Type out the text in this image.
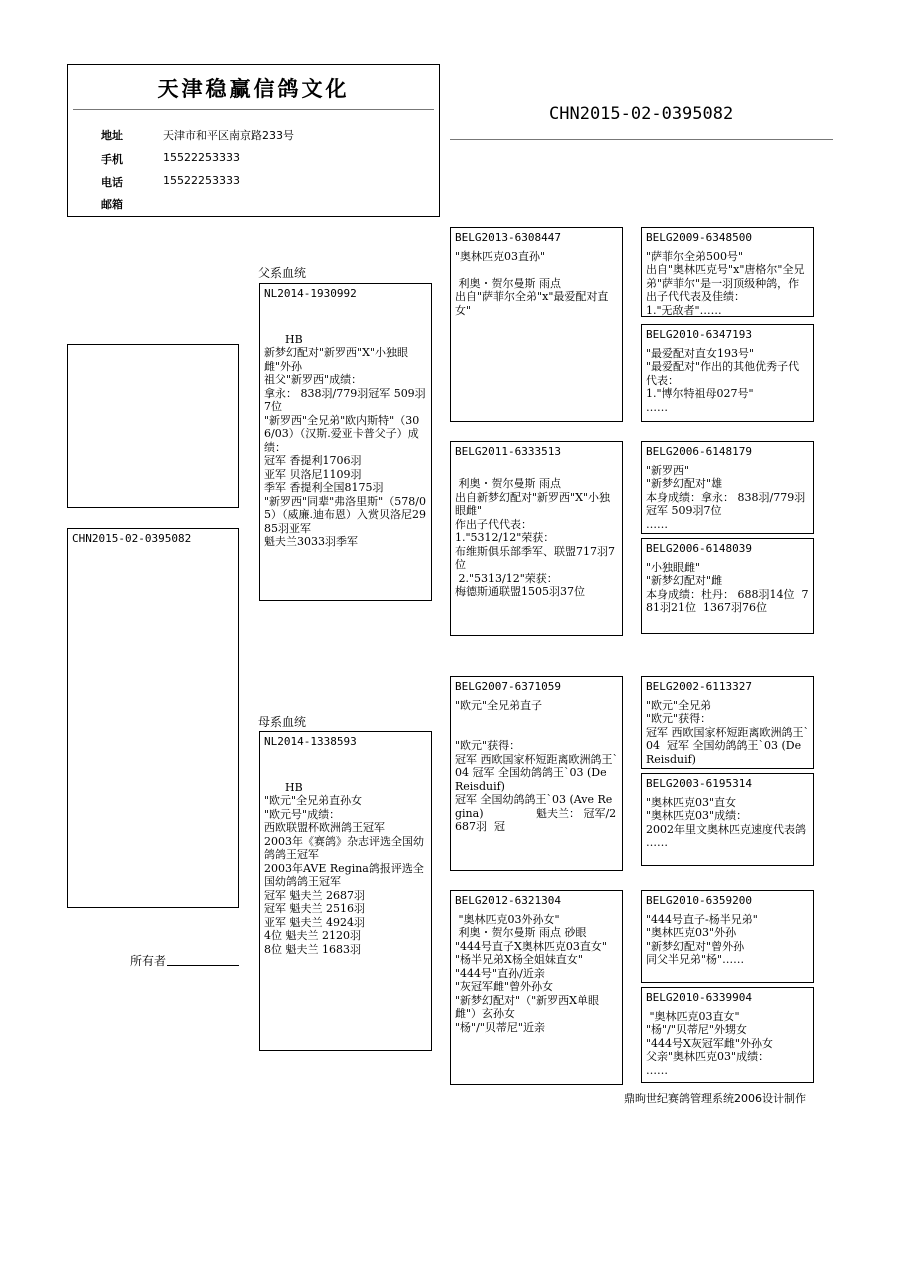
天津稳赢信鸽文化
地址	天津市和平区南京路233号
手机	15522253333
电话	15522253333
邮箱
CHN2015-02-0395082
CHN2015-02-0395082
父系血统
母系血统
NL2014-1930992

HB
新梦幻配对"新罗西"X"小独眼雌"外孙
祖父"新罗西"成绩：
拿永： 838羽/779羽冠军 509羽7位
"新罗西"全兄弟"欧内斯特"（306/03）（汉斯.爱亚卡普父子）成绩：
冠军 香提利1706羽
亚军 贝洛尼1109羽
季军 香提利全国8175羽
"新罗西"同辈"弗洛里斯"（578/05）（威廉.迪布恩）入赏贝洛尼2985羽亚军
魁夫兰3033羽季军
NL2014-1338593

HB
"欧元"全兄弟直孙女
"欧元号"成绩：
西欧联盟杯欧洲鸽王冠军
2003年《赛鸽》杂志评选全国幼鸽鸽王冠军
2003年AVE Regina鸽报评选全国幼鸽鸽王冠军
冠军 魁夫兰 2687羽
冠军 魁夫兰 2516羽
亚军 魁夫兰 4924羽
4位 魁夫兰 2120羽
8位 魁夫兰 1683羽
BELG2013-6308447
"奥林匹克03直孙"

利奥・贺尔曼斯 雨点
出自"萨菲尔全弟"x"最爱配对直女"
BELG2011-6333513

利奥・贺尔曼斯 雨点
出自新梦幻配对"新罗西"X"小独眼雌"
作出子代代表：
1."5312/12"荣获：
布维斯俱乐部季军、联盟717羽7位
2."5313/12"荣获：
梅德斯通联盟1505羽37位
BELG2007-6371059
"欧元"全兄弟直子

"欧元"获得：
冠军 西欧国家杯短距离欧洲鸽王`04 冠军 全国幼鸽鸽王`03 (De Reisduif)
冠军 全国幼鸽鸽王`03 (Ave Regina)               魁夫兰： 冠军/2687羽  冠
BELG2012-6321304
"奥林匹克03外孙女"
利奥・贺尔曼斯 雨点 砂眼
"444号直子X奥林匹克03直女"
"杨半兄弟X杨全姐妹直女"
"444号"直孙/近亲
"灰冠军雌"曾外孙女
"新梦幻配对"（"新罗西X单眼雌"）玄孙女
"杨"/"贝蒂尼"近亲
BELG2009-6348500
"萨菲尔全弟500号"
出自"奥林匹克号"x"唐格尔"全兄弟"萨菲尔"是一羽顶级种鸽，作出子代代表及佳绩：
1."无敌者"……
BELG2010-6347193
"最爱配对直女193号"
"最爱配对"作出的其他优秀子代代表：
1."博尔特祖母027号"
……
BELG2006-6148179
"新罗西"
"新梦幻配对"雄
本身成绩：拿永： 838羽/779羽冠军 509羽7位
……
BELG2006-6148039
"小独眼雌"
"新梦幻配对"雌
本身成绩：杜丹： 688羽14位  781羽21位  1367羽76位
BELG2002-6113327
"欧元"全兄弟
"欧元"获得：
冠军 西欧国家杯短距离欧洲鸽王`04  冠军 全国幼鸽鸽王`03 (De Reisduif)
BELG2003-6195314
"奥林匹克03"直女
"奥林匹克03"成绩：
2002年里文奥林匹克速度代表鸽
……
BELG2010-6359200
"444号直子-杨半兄弟"
"奥林匹克03"外孙
"新梦幻配对"曾外孙
同父半兄弟"杨"……
BELG2010-6339904
"奥林匹克03直女"
"杨"/"贝蒂尼"外甥女
"444号X灰冠军雌"外孙女
父亲"奥林匹克03"成绩：
……
所有者
鼎昫世纪赛鸽管理系统2006设计制作
